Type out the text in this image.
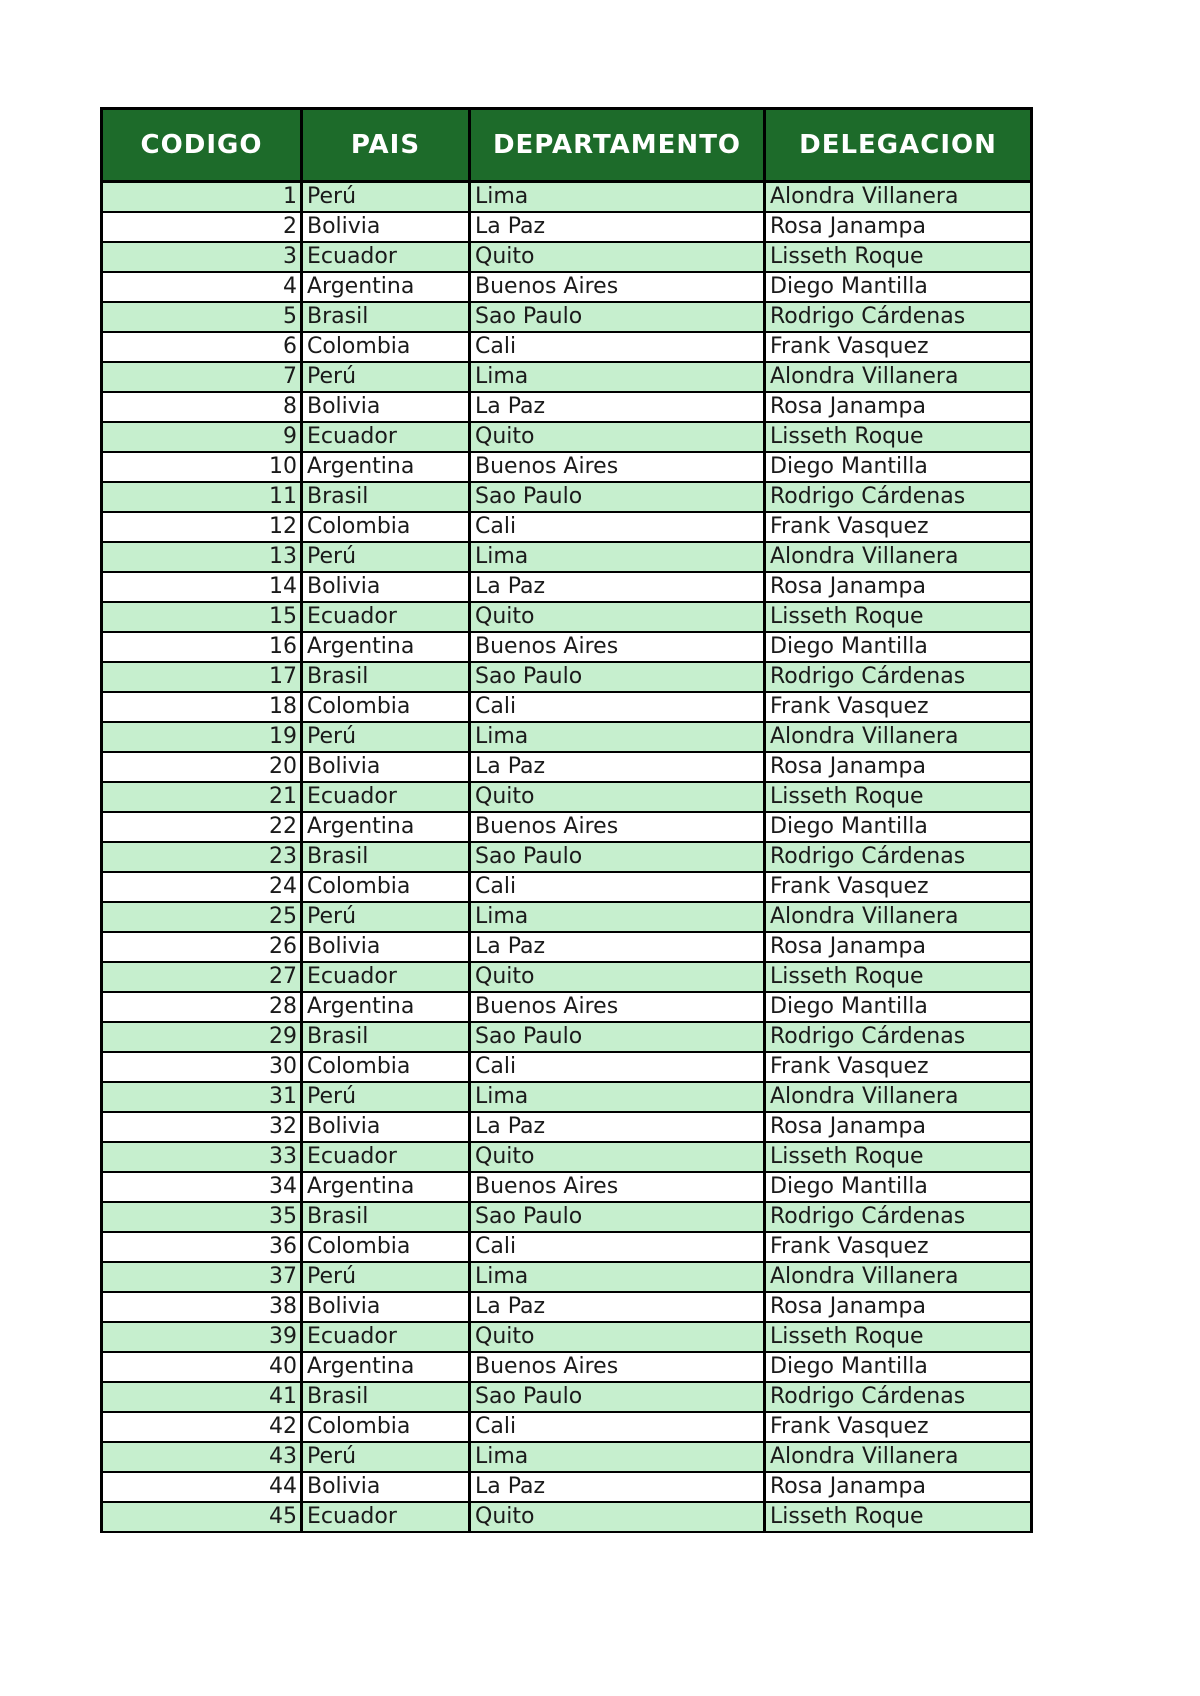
CODIGO	PAIS	DEPARTAMENTO	DELEGACION
1	Perú	Lima	Alondra Villanera
2	Bolivia	La Paz	Rosa Janampa
3	Ecuador	Quito	Lisseth Roque
4	Argentina	Buenos Aires	Diego Mantilla
5	Brasil	Sao Paulo	Rodrigo Cárdenas
6	Colombia	Cali	Frank Vasquez
7	Perú	Lima	Alondra Villanera
8	Bolivia	La Paz	Rosa Janampa
9	Ecuador	Quito	Lisseth Roque
10	Argentina	Buenos Aires	Diego Mantilla
11	Brasil	Sao Paulo	Rodrigo Cárdenas
12	Colombia	Cali	Frank Vasquez
13	Perú	Lima	Alondra Villanera
14	Bolivia	La Paz	Rosa Janampa
15	Ecuador	Quito	Lisseth Roque
16	Argentina	Buenos Aires	Diego Mantilla
17	Brasil	Sao Paulo	Rodrigo Cárdenas
18	Colombia	Cali	Frank Vasquez
19	Perú	Lima	Alondra Villanera
20	Bolivia	La Paz	Rosa Janampa
21	Ecuador	Quito	Lisseth Roque
22	Argentina	Buenos Aires	Diego Mantilla
23	Brasil	Sao Paulo	Rodrigo Cárdenas
24	Colombia	Cali	Frank Vasquez
25	Perú	Lima	Alondra Villanera
26	Bolivia	La Paz	Rosa Janampa
27	Ecuador	Quito	Lisseth Roque
28	Argentina	Buenos Aires	Diego Mantilla
29	Brasil	Sao Paulo	Rodrigo Cárdenas
30	Colombia	Cali	Frank Vasquez
31	Perú	Lima	Alondra Villanera
32	Bolivia	La Paz	Rosa Janampa
33	Ecuador	Quito	Lisseth Roque
34	Argentina	Buenos Aires	Diego Mantilla
35	Brasil	Sao Paulo	Rodrigo Cárdenas
36	Colombia	Cali	Frank Vasquez
37	Perú	Lima	Alondra Villanera
38	Bolivia	La Paz	Rosa Janampa
39	Ecuador	Quito	Lisseth Roque
40	Argentina	Buenos Aires	Diego Mantilla
41	Brasil	Sao Paulo	Rodrigo Cárdenas
42	Colombia	Cali	Frank Vasquez
43	Perú	Lima	Alondra Villanera
44	Bolivia	La Paz	Rosa Janampa
45	Ecuador	Quito	Lisseth Roque
